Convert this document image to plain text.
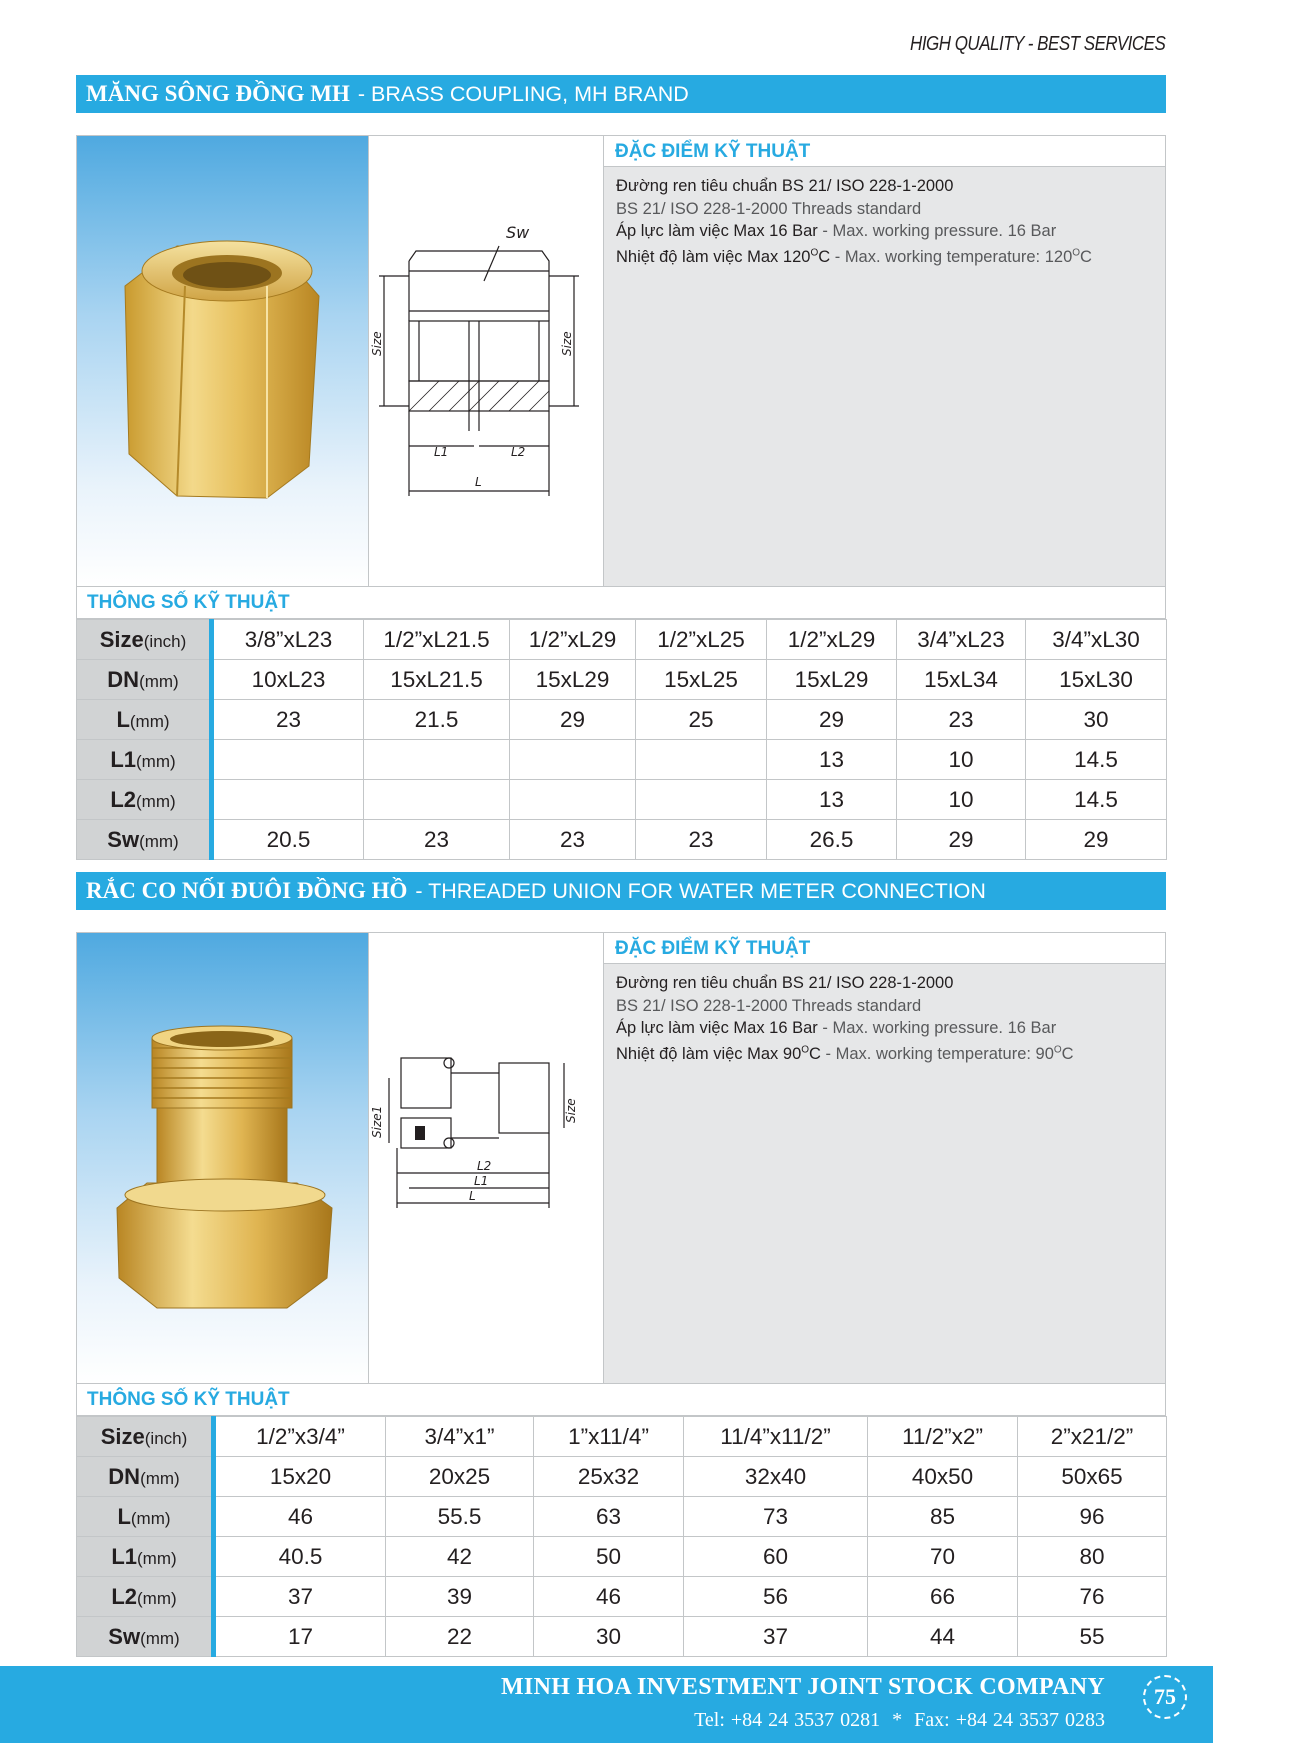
HIGH QUALITY - BEST SERVICES
MĂNG SÔNG ĐỒNG MH - BRASS COUPLING, MH BRAND
Sw
Size	Size
L1	L2
L
ĐẶC ĐIỂM KỸ THUẬT
Đường ren tiêu chuẩn BS 21/ ISO 228-1-2000
BS 21/ ISO 228-1-2000 Threads standard
Áp lực làm việc Max 16 Bar - Max. working pressure. 16 Bar
Nhiệt độ làm việc Max $120^OC$ - Max. working temperature: $120^OC$
THÔNG SỐ KỸ THUẬT
Size(inch)	3/8”xL23	1/2”xL21.5	1/2”xL29	1/2”xL25	1/2”xL29	3/4”xL23	3/4”xL30
DN(mm)	10xL23	15xL21.5	15xL29	15xL25	15xL29	15xL34	15xL30
L(mm)	23	21.5	29	25	29	23	30
L1(mm)					13	10	14.5
L2(mm)					13	10	14.5
Sw(mm)	20.5	23	23	23	26.5	29	29
RẮC CO NỐI ĐUÔI ĐỒNG HỒ - THREADED UNION FOR WATER METER CONNECTION
Size1	Size
L2
L1
L
ĐẶC ĐIỂM KỸ THUẬT
Đường ren tiêu chuẩn BS 21/ ISO 228-1-2000
BS 21/ ISO 228-1-2000 Threads standard
Áp lực làm việc Max 16 Bar - Max. working pressure. 16 Bar
Nhiệt độ làm việc Max $90^OC$ - Max. working temperature: $90^OC$
THÔNG SỐ KỸ THUẬT
Size(inch)	1/2”x3/4”	3/4”x1”	1”x11/4”	11/4”x11/2”	11/2”x2”	2”x21/2”
DN(mm)	15x20	20x25	25x32	32x40	40x50	50x65
L(mm)	46	55.5	63	73	85	96
L1(mm)	40.5	42	50	60	70	80
L2(mm)	37	39	46	56	66	76
Sw(mm)	17	22	30	37	44	55
MINH HOA INVESTMENT JOINT STOCK COMPANY
Tel: +84 24 3537 0281 * Fax: +84 24 3537 0283
75
